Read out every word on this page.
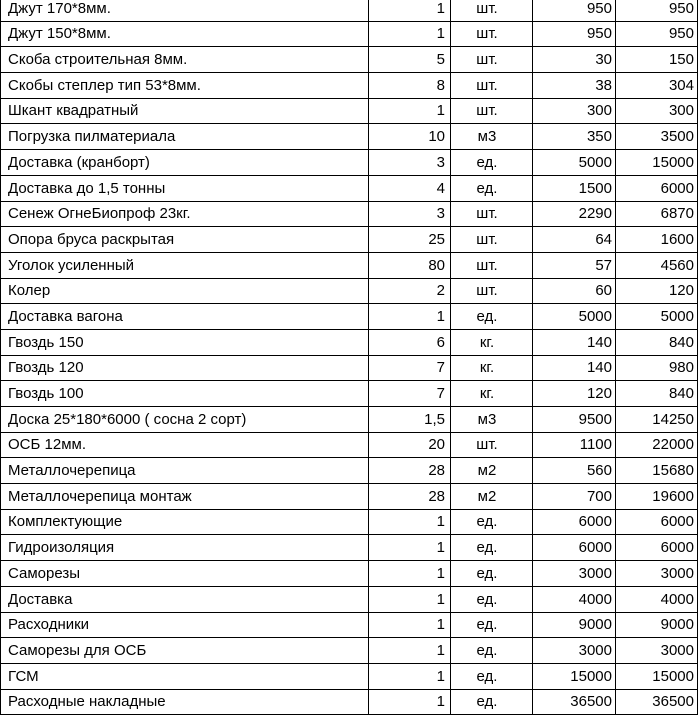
Джут 170*8мм.	1	шт.	950	950
Джут 150*8мм.	1	шт.	950	950
Скоба строительная 8мм.	5	шт.	30	150
Скобы степлер тип 53*8мм.	8	шт.	38	304
Шкант квадратный	1	шт.	300	300
Погрузка пилматериала	10	м3	350	3500
Доставка (кранборт)	3	ед.	5000	15000
Доставка до 1,5 тонны	4	ед.	1500	6000
Сенеж ОгнеБиопроф 23кг.	3	шт.	2290	6870
Опора бруса раскрытая	25	шт.	64	1600
Уголок усиленный	80	шт.	57	4560
Колер	2	шт.	60	120
Доставка вагона	1	ед.	5000	5000
Гвоздь 150	6	кг.	140	840
Гвоздь 120	7	кг.	140	980
Гвоздь 100	7	кг.	120	840
Доска 25*180*6000 ( сосна 2 сорт)	1,5	м3	9500	14250
ОСБ 12мм.	20	шт.	1100	22000
Металлочерепица	28	м2	560	15680
Металлочерепица монтаж	28	м2	700	19600
Комплектующие	1	ед.	6000	6000
Гидроизоляция	1	ед.	6000	6000
Саморезы	1	ед.	3000	3000
Доставка	1	ед.	4000	4000
Расходники	1	ед.	9000	9000
Саморезы для ОСБ	1	ед.	3000	3000
ГСМ	1	ед.	15000	15000
Расходные накладные	1	ед.	36500	36500
